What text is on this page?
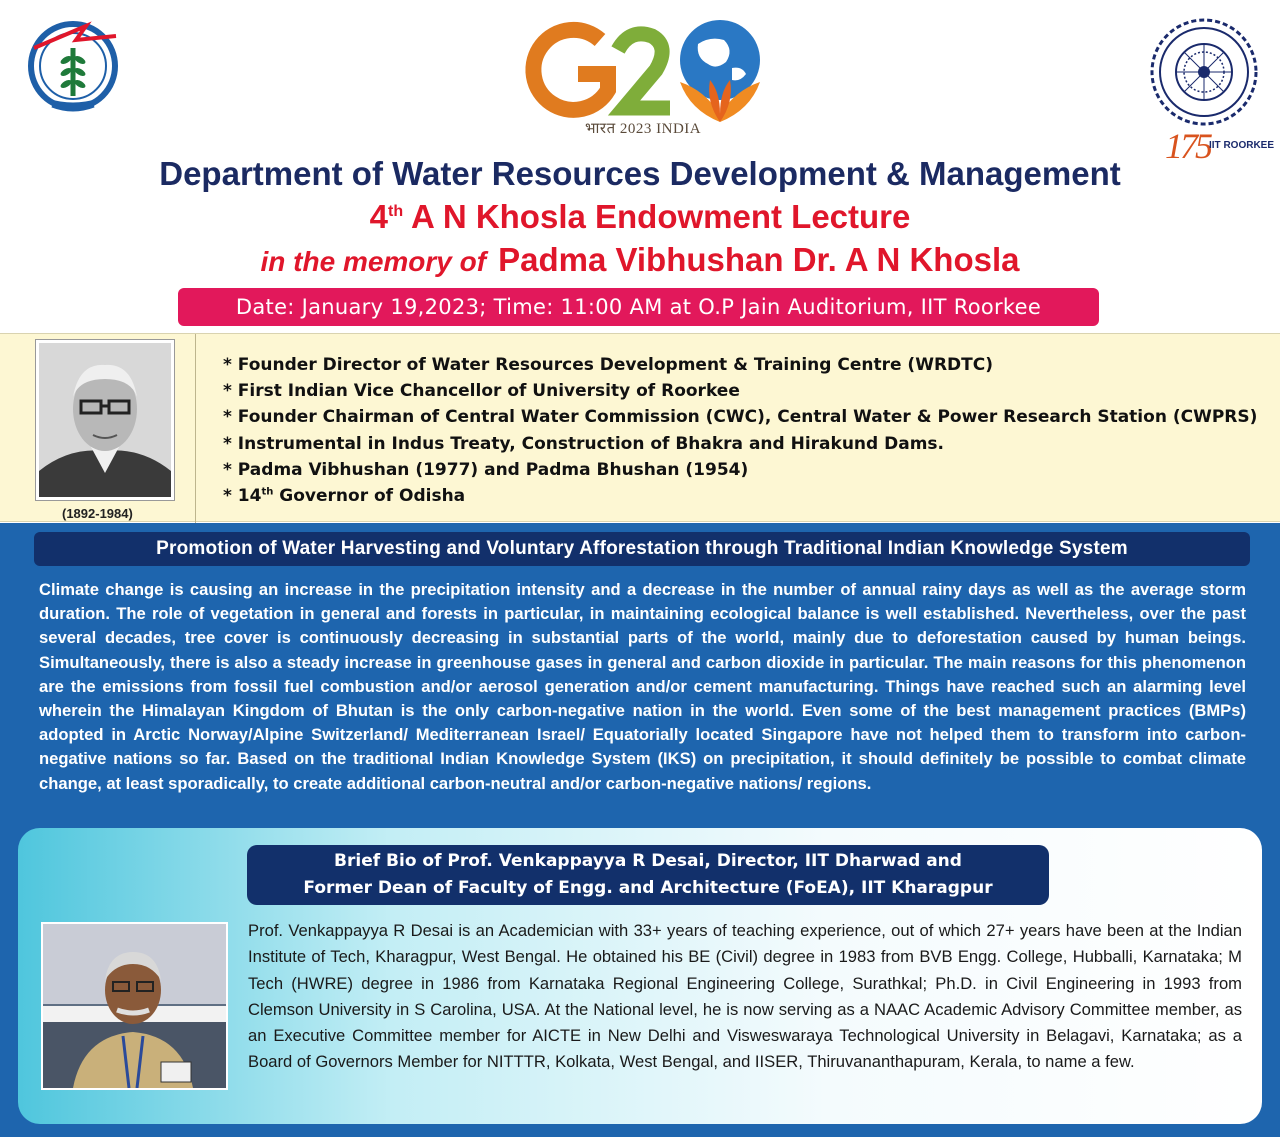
भारत 2023 INDIA	175 IIT ROORKEE
Department of Water Resources Development & Management
4th A N Khosla Endowment Lecture
in the memory of Padma Vibhushan Dr. A N Khosla
Date: January 19,2023; Time: 11:00 AM at O.P Jain Auditorium, IIT Roorkee
(1892-1984)
* Founder Director of Water Resources Development & Training Centre (WRDTC)
* First Indian Vice Chancellor of University of Roorkee
* Founder Chairman of Central Water Commission (CWC), Central Water & Power Research Station (CWPRS)
* Instrumental in Indus Treaty, Construction of Bhakra and Hirakund Dams.
* Padma Vibhushan (1977) and Padma Bhushan (1954)
* 14th Governor of Odisha
Promotion of Water Harvesting and Voluntary Afforestation through Traditional Indian Knowledge System

Climate change is causing an increase in the precipitation intensity and a decrease in the number of annual rainy days as well as the average storm duration. The role of vegetation in general and forests in particular, in maintaining ecological balance is well established. Nevertheless, over the past several decades, tree cover is continuously decreasing in substantial parts of the world, mainly due to deforestation caused by human beings. Simultaneously, there is also a steady increase in greenhouse gases in general and carbon dioxide in particular. The main reasons for this phenomenon are the emissions from fossil fuel combustion and/or aerosol generation and/or cement manufacturing. Things have reached such an alarming level wherein the Himalayan Kingdom of Bhutan is the only carbon-negative nation in the world. Even some of the best management practices (BMPs) adopted in Arctic Norway/Alpine Switzerland/ Mediterranean Israel/ Equatorially located Singapore have not helped them to transform into carbon-negative nations so far. Based on the traditional Indian Knowledge System (IKS) on precipitation, it should definitely be possible to combat climate change, at least sporadically, to create additional carbon-neutral and/or carbon-negative nations/ regions.

Brief Bio of Prof. Venkappayya R Desai, Director, IIT Dharwad and
Former Dean of Faculty of Engg. and Architecture (FoEA), IIT Kharagpur

Prof. Venkappayya R Desai is an Academician with 33+ years of teaching experience, out of which 27+ years have been at the Indian Institute of Tech, Kharagpur, West Bengal. He obtained his BE (Civil) degree in 1983 from BVB Engg. College, Hubballi, Karnataka; M Tech (HWRE) degree in 1986 from Karnataka Regional Engineering College, Surathkal; Ph.D. in Civil Engineering in 1993 from Clemson University in S Carolina, USA. At the National level, he is now serving as a NAAC Academic Advisory Committee member, as an Executive Committee member for AICTE in New Delhi and Visweswaraya Technological University in Belagavi, Karnataka; as a Board of Governors Member for NITTTR, Kolkata, West Bengal, and IISER, Thiruvananthapuram, Kerala, to name a few.
